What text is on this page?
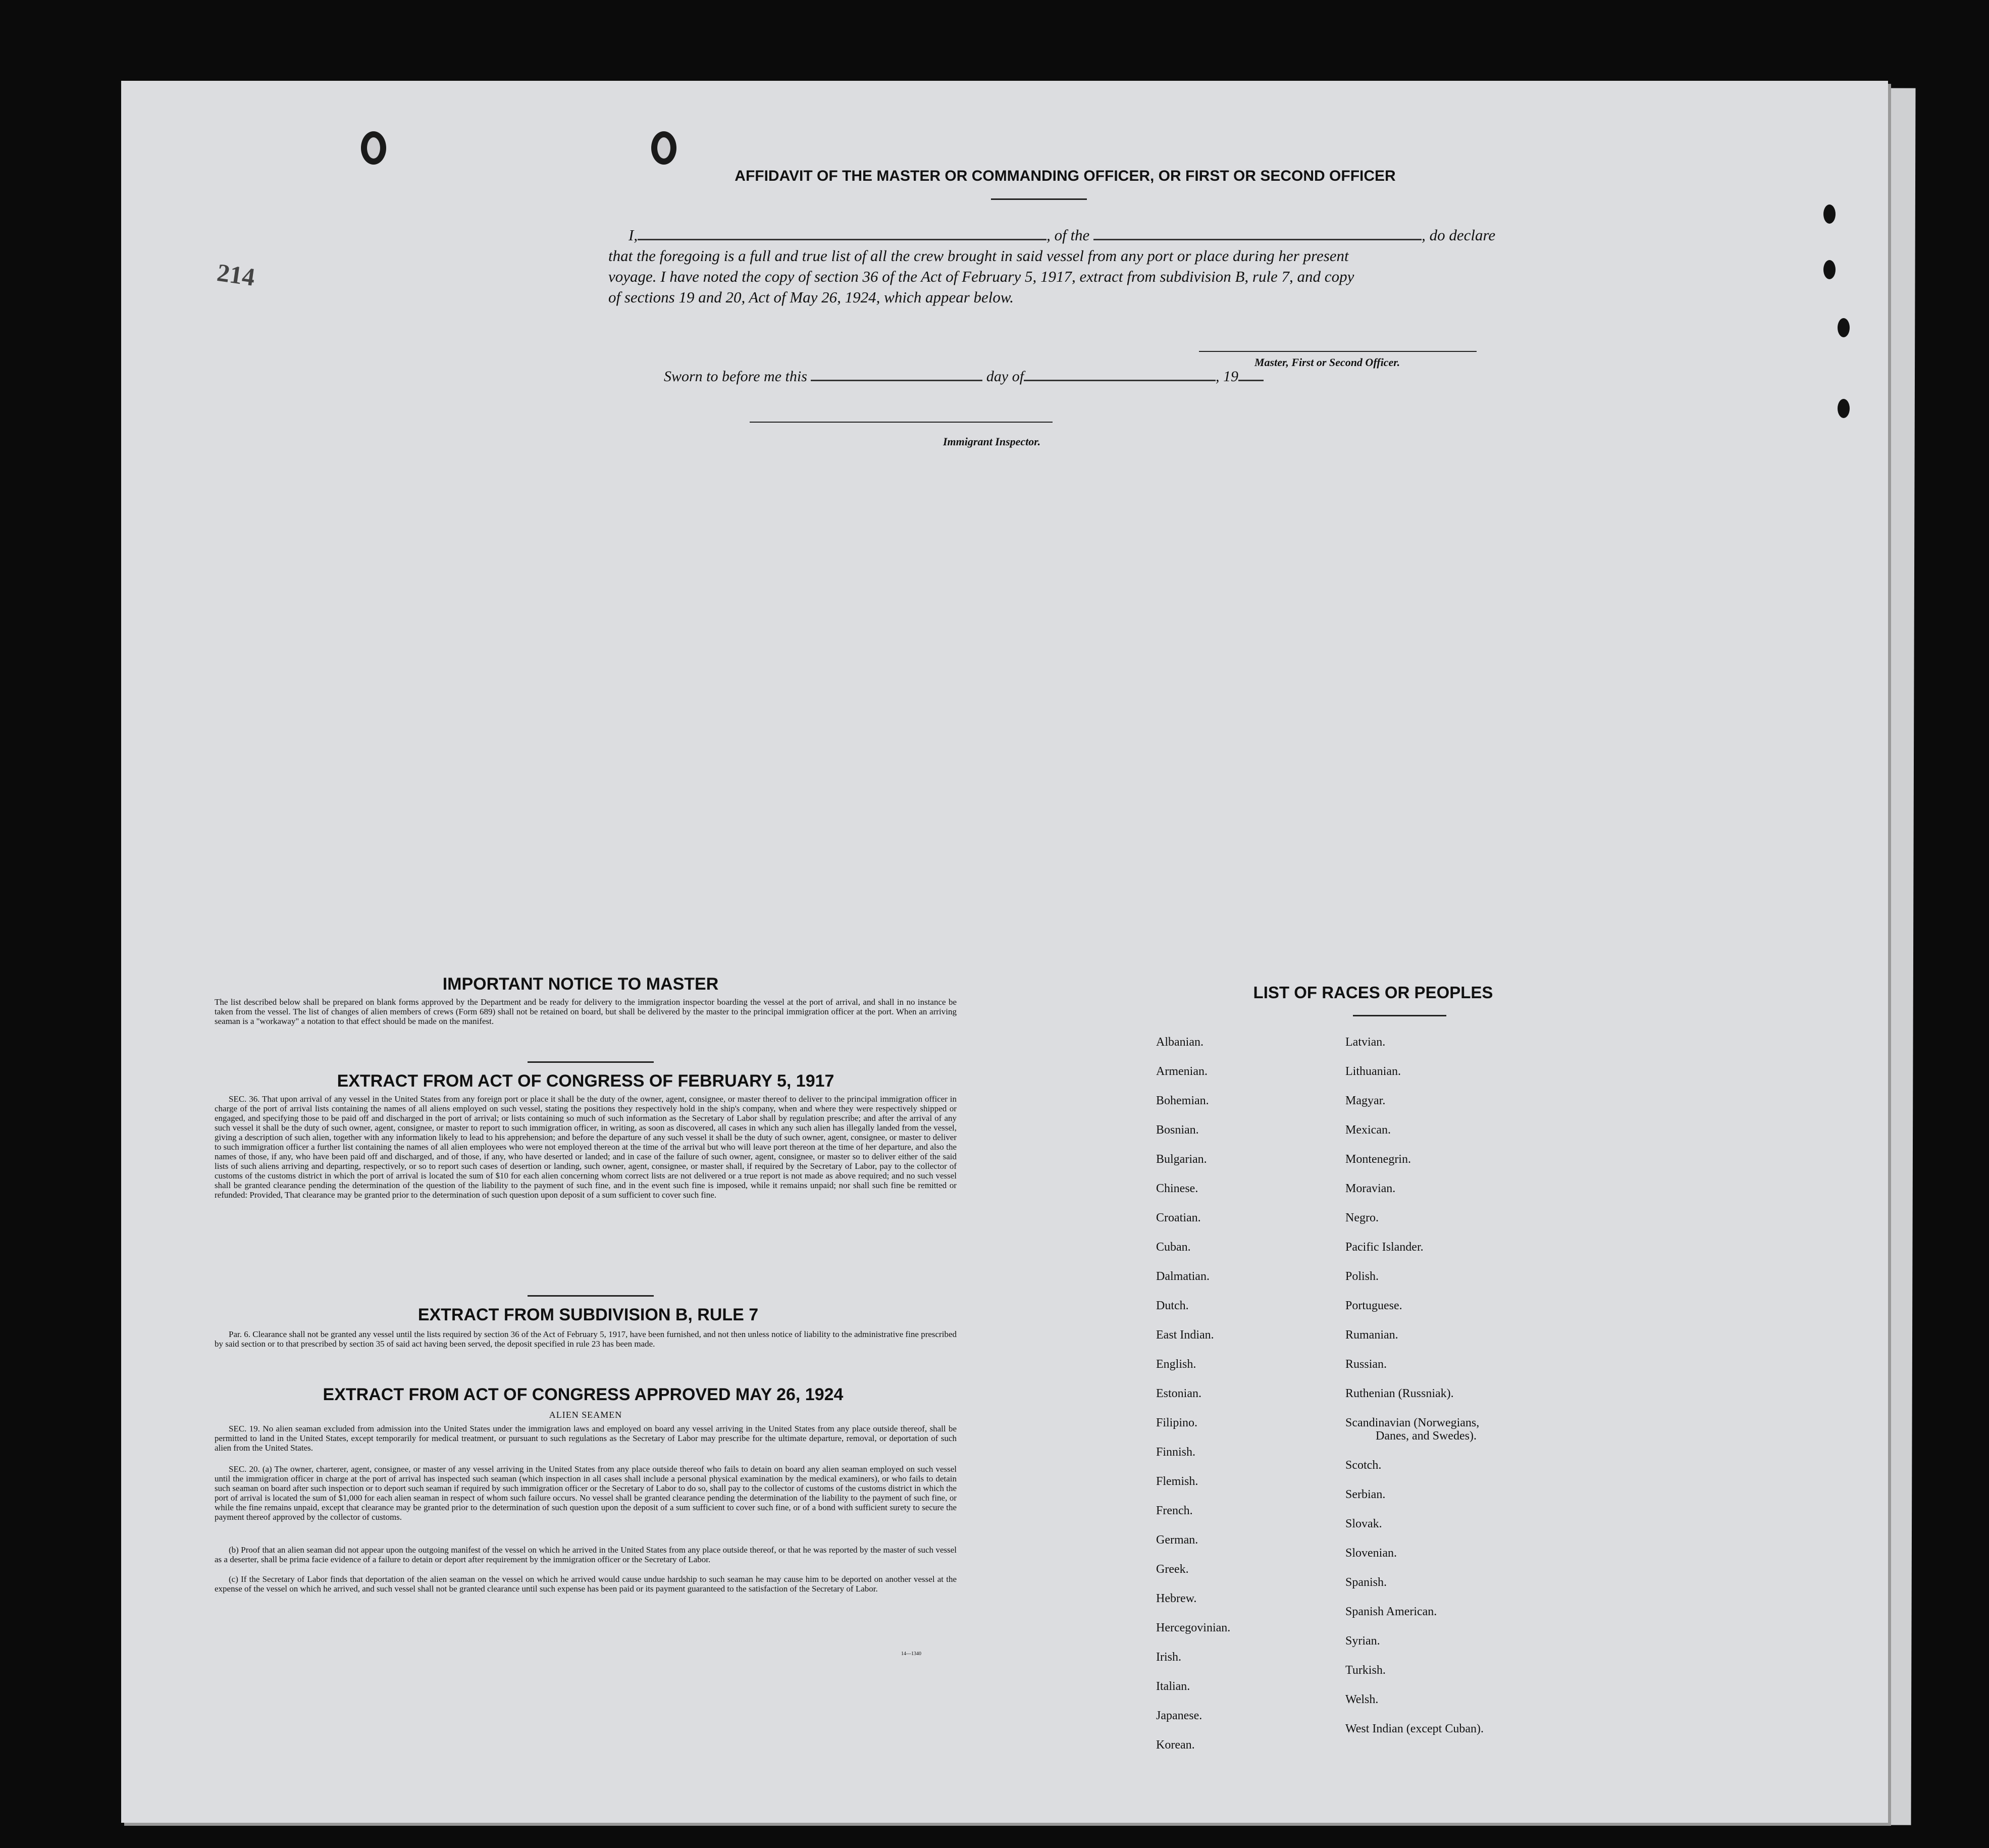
AFFIDAVIT OF THE MASTER OR COMMANDING OFFICER, OR FIRST OR SECOND OFFICER
214
I,	, of the	, do declare
that the foregoing is a full and true list of all the crew brought in said vessel from any port or place during her present
voyage. I have noted the copy of section 36 of the Act of February 5, 1917, extract from subdivision B, rule 7, and copy
of sections 19 and 20, Act of May 26, 1924, which appear below.
Master, First or Second Officer.
Sworn to before me this	day of	, 19
Immigrant Inspector.
IMPORTANT NOTICE TO MASTER
The list described below shall be prepared on blank forms approved by the Department and be ready for delivery to the immigration inspector boarding the vessel at the port of arrival, and shall in no instance be taken from the vessel. The list of changes of alien members of crews (Form 689) shall not be retained on board, but shall be delivered by the master to the principal immigration officer at the port. When an arriving seaman is a "workaway" a notation to that effect should be made on the manifest.
EXTRACT FROM ACT OF CONGRESS OF FEBRUARY 5, 1917
SEC. 36. That upon arrival of any vessel in the United States from any foreign port or place it shall be the duty of the owner, agent, consignee, or master thereof to deliver to the principal immigration officer in charge of the port of arrival lists containing the names of all aliens employed on such vessel, stating the positions they respectively hold in the ship's company, when and where they were respectively shipped or engaged, and specifying those to be paid off and discharged in the port of arrival; or lists containing so much of such information as the Secretary of Labor shall by regulation prescribe; and after the arrival of any such vessel it shall be the duty of such owner, agent, consignee, or master to report to such immigration officer, in writing, as soon as discovered, all cases in which any such alien has illegally landed from the vessel, giving a description of such alien, together with any information likely to lead to his apprehension; and before the departure of any such vessel it shall be the duty of such owner, agent, consignee, or master to deliver to such immigration officer a further list containing the names of all alien employees who were not employed thereon at the time of the arrival but who will leave port thereon at the time of her departure, and also the names of those, if any, who have been paid off and discharged, and of those, if any, who have deserted or landed; and in case of the failure of such owner, agent, consignee, or master so to deliver either of the said lists of such aliens arriving and departing, respectively, or so to report such cases of desertion or landing, such owner, agent, consignee, or master shall, if required by the Secretary of Labor, pay to the collector of customs of the customs district in which the port of arrival is located the sum of $10 for each alien concerning whom correct lists are not delivered or a true report is not made as above required; and no such vessel shall be granted clearance pending the determination of the question of the liability to the payment of such fine, and in the event such fine is imposed, while it remains unpaid; nor shall such fine be remitted or refunded: Provided, That clearance may be granted prior to the determination of such question upon deposit of a sum sufficient to cover such fine.
EXTRACT FROM SUBDIVISION B, RULE 7
Par. 6. Clearance shall not be granted any vessel until the lists required by section 36 of the Act of February 5, 1917, have been furnished, and not then unless notice of liability to the administrative fine prescribed by said section or to that prescribed by section 35 of said act having been served, the deposit specified in rule 23 has been made.
EXTRACT FROM ACT OF CONGRESS APPROVED MAY 26, 1924
ALIEN SEAMEN
SEC. 19. No alien seaman excluded from admission into the United States under the immigration laws and employed on board any vessel arriving in the United States from any place outside thereof, shall be permitted to land in the United States, except temporarily for medical treatment, or pursuant to such regulations as the Secretary of Labor may prescribe for the ultimate departure, removal, or deportation of such alien from the United States.
SEC. 20. (a) The owner, charterer, agent, consignee, or master of any vessel arriving in the United States from any place outside thereof who fails to detain on board any alien seaman employed on such vessel until the immigration officer in charge at the port of arrival has inspected such seaman (which inspection in all cases shall include a personal physical examination by the medical examiners), or who fails to detain such seaman on board after such inspection or to deport such seaman if required by such immigration officer or the Secretary of Labor to do so, shall pay to the collector of customs of the customs district in which the port of arrival is located the sum of $1,000 for each alien seaman in respect of whom such failure occurs. No vessel shall be granted clearance pending the determination of the liability to the payment of such fine, or while the fine remains unpaid, except that clearance may be granted prior to the determination of such question upon the deposit of a sum sufficient to cover such fine, or of a bond with sufficient surety to secure the payment thereof approved by the collector of customs.
(b) Proof that an alien seaman did not appear upon the outgoing manifest of the vessel on which he arrived in the United States from any place outside thereof, or that he was reported by the master of such vessel as a deserter, shall be prima facie evidence of a failure to detain or deport after requirement by the immigration officer or the Secretary of Labor.
(c) If the Secretary of Labor finds that deportation of the alien seaman on the vessel on which he arrived would cause undue hardship to such seaman he may cause him to be deported on another vessel at the expense of the vessel on which he arrived, and such vessel shall not be granted clearance until such expense has been paid or its payment guaranteed to the satisfaction of the Secretary of Labor.
14—1340
LIST OF RACES OR PEOPLES
Albanian.
Armenian.
Bohemian.
Bosnian.
Bulgarian.
Chinese.
Croatian.
Cuban.
Dalmatian.
Dutch.
East Indian.
English.
Estonian.
Filipino.
Finnish.
Flemish.
French.
German.
Greek.
Hebrew.
Hercegovinian.
Irish.
Italian.
Japanese.
Korean.
Latvian.
Lithuanian.
Magyar.
Mexican.
Montenegrin.
Moravian.
Negro.
Pacific Islander.
Polish.
Portuguese.
Rumanian.
Russian.
Ruthenian (Russniak).
Scandinavian (Norwegians,
Danes, and Swedes).
Scotch.
Serbian.
Slovak.
Slovenian.
Spanish.
Spanish American.
Syrian.
Turkish.
Welsh.
West Indian (except Cuban).
